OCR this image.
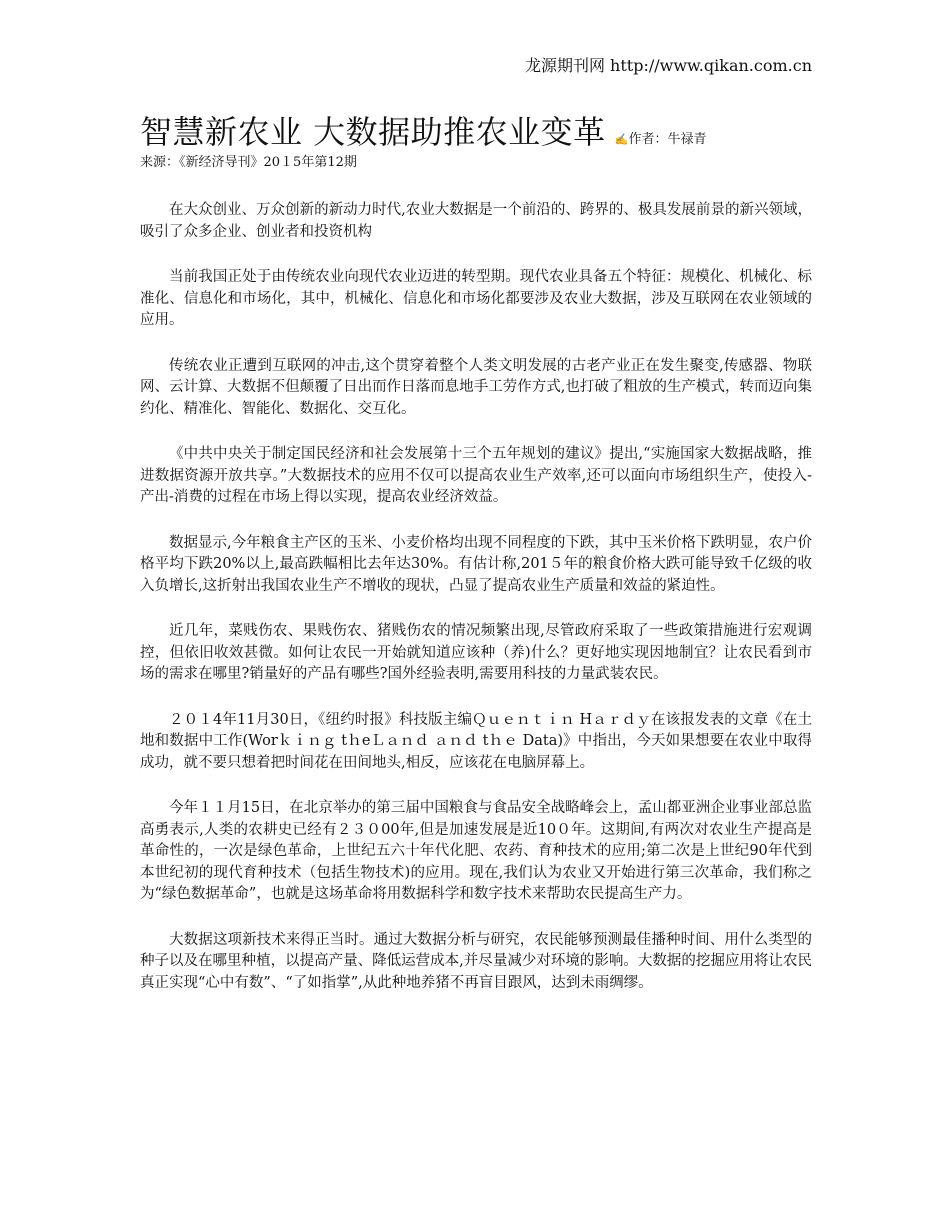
龙源期刊网 http://www.qikan.com.cn
智慧新农业 大数据助推农业变革 ✍作者：牛禄青
来源：《新经济导刊》20１5年第12期

在大众创业、万众创新的新动力时代,农业大数据是一个前沿的、跨界的、极具发展前景的新兴领域，吸引了众多企业、创业者和投资机构

当前我国正处于由传统农业向现代农业迈进的转型期。现代农业具备五个特征：规模化、机械化、标准化、信息化和市场化，其中，机械化、信息化和市场化都要涉及农业大数据，涉及互联网在农业领域的应用。

传统农业正遭到互联网的冲击,这个贯穿着整个人类文明发展的古老产业正在发生聚变,传感器、物联网、云计算、大数据不但颠覆了日出而作日落而息地手工劳作方式,也打破了粗放的生产模式，转而迈向集约化、精准化、智能化、数据化、交互化。

《中共中央关于制定国民经济和社会发展第十三个五年规划的建议》提出,“实施国家大数据战略，推进数据资源开放共享。”大数据技术的应用不仅可以提高农业生产效率,还可以面向市场组织生产，使投入-产出-消费的过程在市场上得以实现，提高农业经济效益。

数据显示,今年粮食主产区的玉米、小麦价格均出现不同程度的下跌，其中玉米价格下跌明显，农户价格平均下跌20%以上,最高跌幅相比去年达30%。有估计称,201５年的粮食价格大跌可能导致千亿级的收入负增长,这折射出我国农业生产不增收的现状，凸显了提高农业生产质量和效益的紧迫性。

近几年，菜贱伤农、果贱伤农、猪贱伤农的情况频繁出现,尽管政府采取了一些政策措施进行宏观调控，但依旧收效甚微。如何让农民一开始就知道应该种（养)什么？更好地实现因地制宜？让农民看到市场的需求在哪里?销量好的产品有哪些?国外经验表明,需要用科技的力量武装农民。

２０１4年11月30日，《纽约时报》科技版主编Ｑｕｅｎｔｉｎ Hａｒｄｙ在该报发表的文章《在土地和数据中工作(Worｋｉｎｇ tｈeＬａｎｄ ａｎｄ tｈｅ Data)》中指出，今天如果想要在农业中取得成功，就不要只想着把时间花在田间地头,相反，应该花在电脑屏幕上。

今年１１月15日，在北京举办的第三届中国粮食与食品安全战略峰会上，孟山都亚洲企业事业部总监高勇表示,人类的农耕史已经有２３０00年,但是加速发展是近10０年。这期间,有两次对农业生产提高是革命性的，一次是绿色革命，上世纪五六十年代化肥、农药、育种技术的应用;第二次是上世纪90年代到本世纪初的现代育种技术（包括生物技术)的应用。现在,我们认为农业又开始进行第三次革命，我们称之为“绿色数据革命”，也就是这场革命将用数据科学和数字技术来帮助农民提高生产力。

大数据这项新技术来得正当时。通过大数据分析与研究，农民能够预测最佳播种时间、用什么类型的种子以及在哪里种植，以提高产量、降低运营成本,并尽量减少对环境的影响。大数据的挖掘应用将让农民真正实现“心中有数”、“了如指掌”,从此种地养猪不再盲目跟风，达到未雨绸缪。
